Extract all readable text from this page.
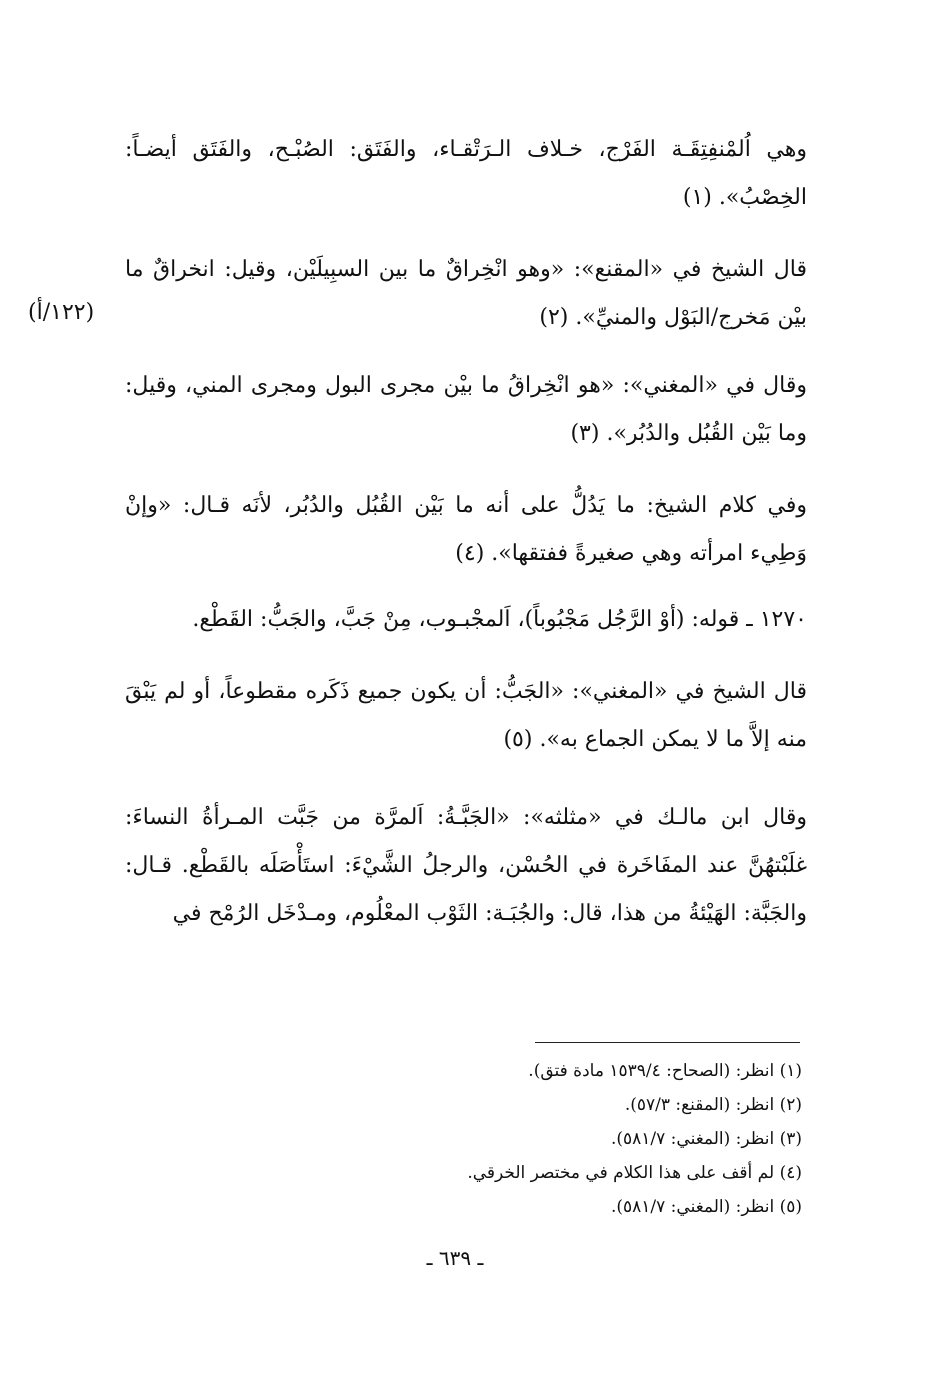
(١٢٢/أ)

وهي اُلمْنفِتِقَـة الفَرْج، خـلاف الـرَتْقـاء، والفَتَق: الصُبْـح، والفَتَق أيضـاً: الخِصْبُ». (١)

قال الشيخ في «المقنع»: «وهو انْخِراقٌ ما بين السبِيلَيْن، وقيل: انخراقٌ ما بيْن مَخرج/البَوْل والمنيِّ». (٢)

وقال في «المغني»: «هو انْخِراقُ ما بيْن مجرى البول ومجرى المني، وقيل: وما بَيْن القُبُل والدُبُر». (٣)

وفي كلام الشيخ: ما يَدُلُّ على أنه ما بَيْن القُبُل والدُبُر، لأنَه قـال: «وإنْ وَطِيء امرأته وهي صغيرةً ففتقها». (٤)

١٢٧٠ ـ قوله: (أوْ الرَّجُل مَجْبُوباً)، اَلمجْبـوب، مِنْ جَبَّ، والجَبُّ: القَطْع.

قال الشيخ في «المغني»: «الجَبُّ: أن يكون جميع ذَكَره مقطوعاً، أو لم يَبْقَ منه إلاَّ ما لا يمكن الجماع به». (٥)

وقال ابن مالـك في «مثلثه»: «الجَبَّـةُ: اَلمرَّة من جَبَّت المـرأةُ النساءَ: غلَبْتهُنَّ عند المفَاخَرة في الحُسْن، والرجلُ الشَّيْءَ: استَأْصَلَه بالقَطْع. قـال: والجَبَّة: الهَيْئةُ من هذا، قال: والجُبَـة: الثَوْب المعْلُوم، ومـدْخَل الرُمْح في

(١) انظر: (الصحاح: ١٥٣٩/٤ مادة فتق).

(٢) انظر: (المقنع: ٥٧/٣).

(٣) انظر: (المغني: ٥٨١/٧).

(٤) لم أقف على هذا الكلام في مختصر الخرقي.

(٥) انظر: (المغني: ٥٨١/٧).

ـ ٦٣٩ ـ
